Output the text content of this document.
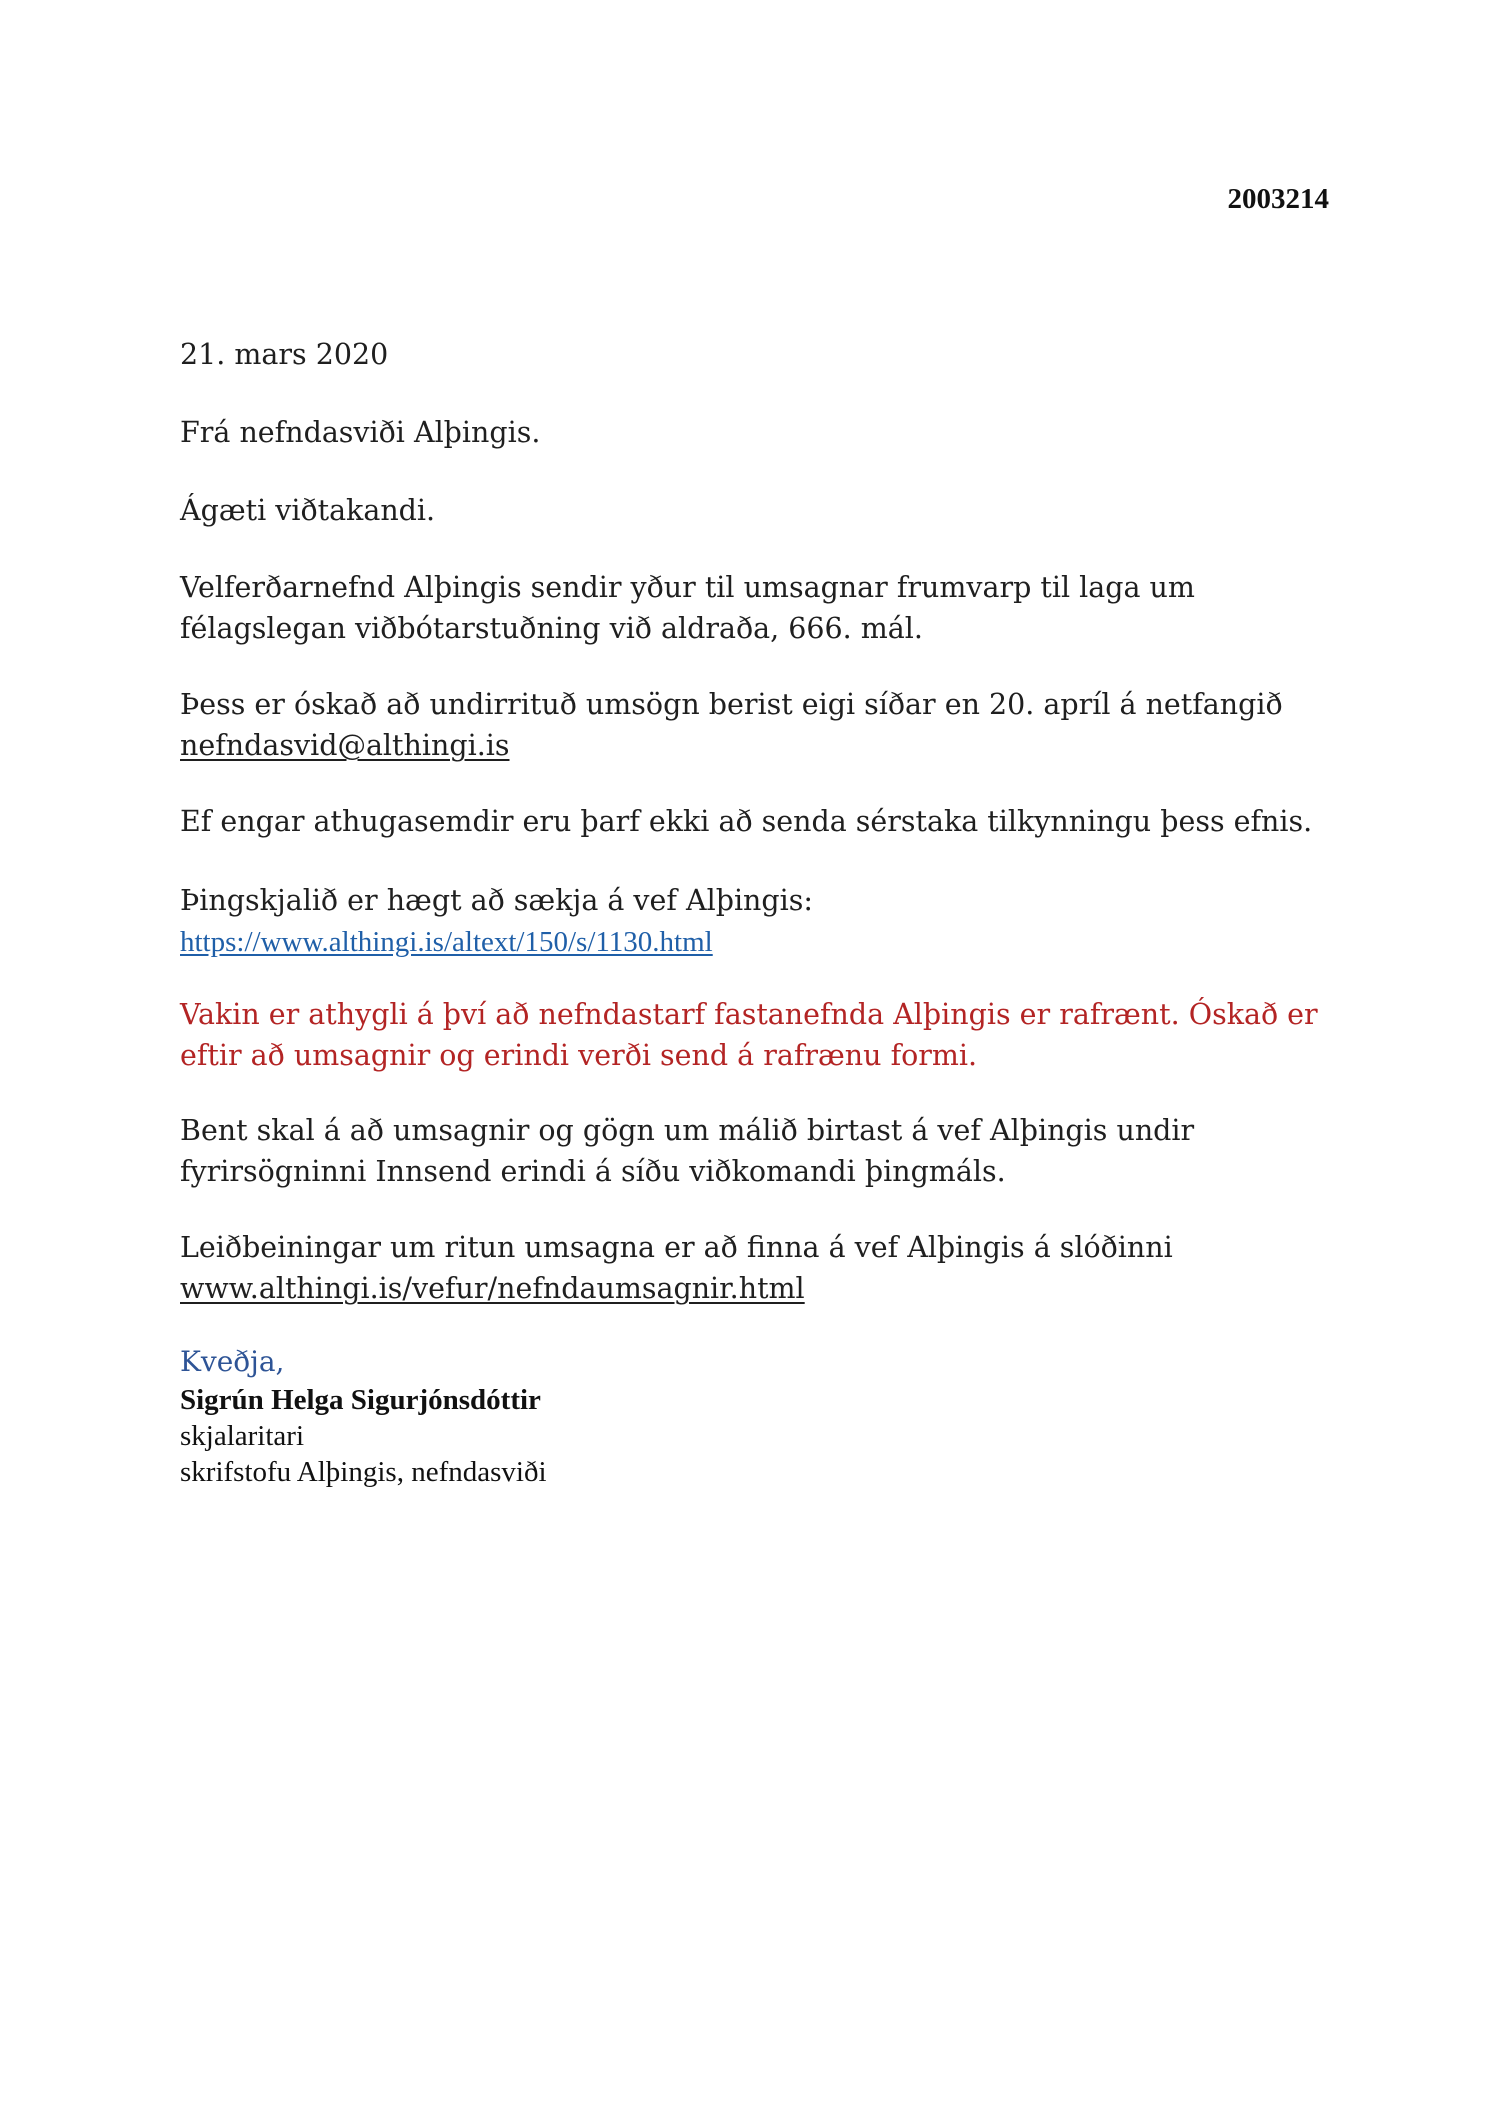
2003214

21. mars 2020

Frá nefndasviði Alþingis.

Ágæti viðtakandi.

Velferðarnefnd Alþingis sendir yður til umsagnar frumvarp til laga um félagslegan viðbótarstuðning við aldraða, 666. mál.

Þess er óskað að undirrituð umsögn berist eigi síðar en 20. apríl á netfangið
nefndasvid@althingi.is

Ef engar athugasemdir eru þarf ekki að senda sérstaka tilkynningu þess efnis.

Þingskjalið er hægt að sækja á vef Alþingis:
https://www.althingi.is/altext/150/s/1130.html

Vakin er athygli á því að nefndastarf fastanefnda Alþingis er rafrænt. Óskað er eftir að umsagnir og erindi verði send á rafrænu formi.

Bent skal á að umsagnir og gögn um málið birtast á vef Alþingis undir fyrirsögninni Innsend erindi á síðu viðkomandi þingmáls.

Leiðbeiningar um ritun umsagna er að finna á vef Alþingis á slóðinni
www.althingi.is/vefur/nefndaumsagnir.html

Kveðja,
Sigrún Helga Sigurjónsdóttir
skjalaritari
skrifstofu Alþingis, nefndasviði
